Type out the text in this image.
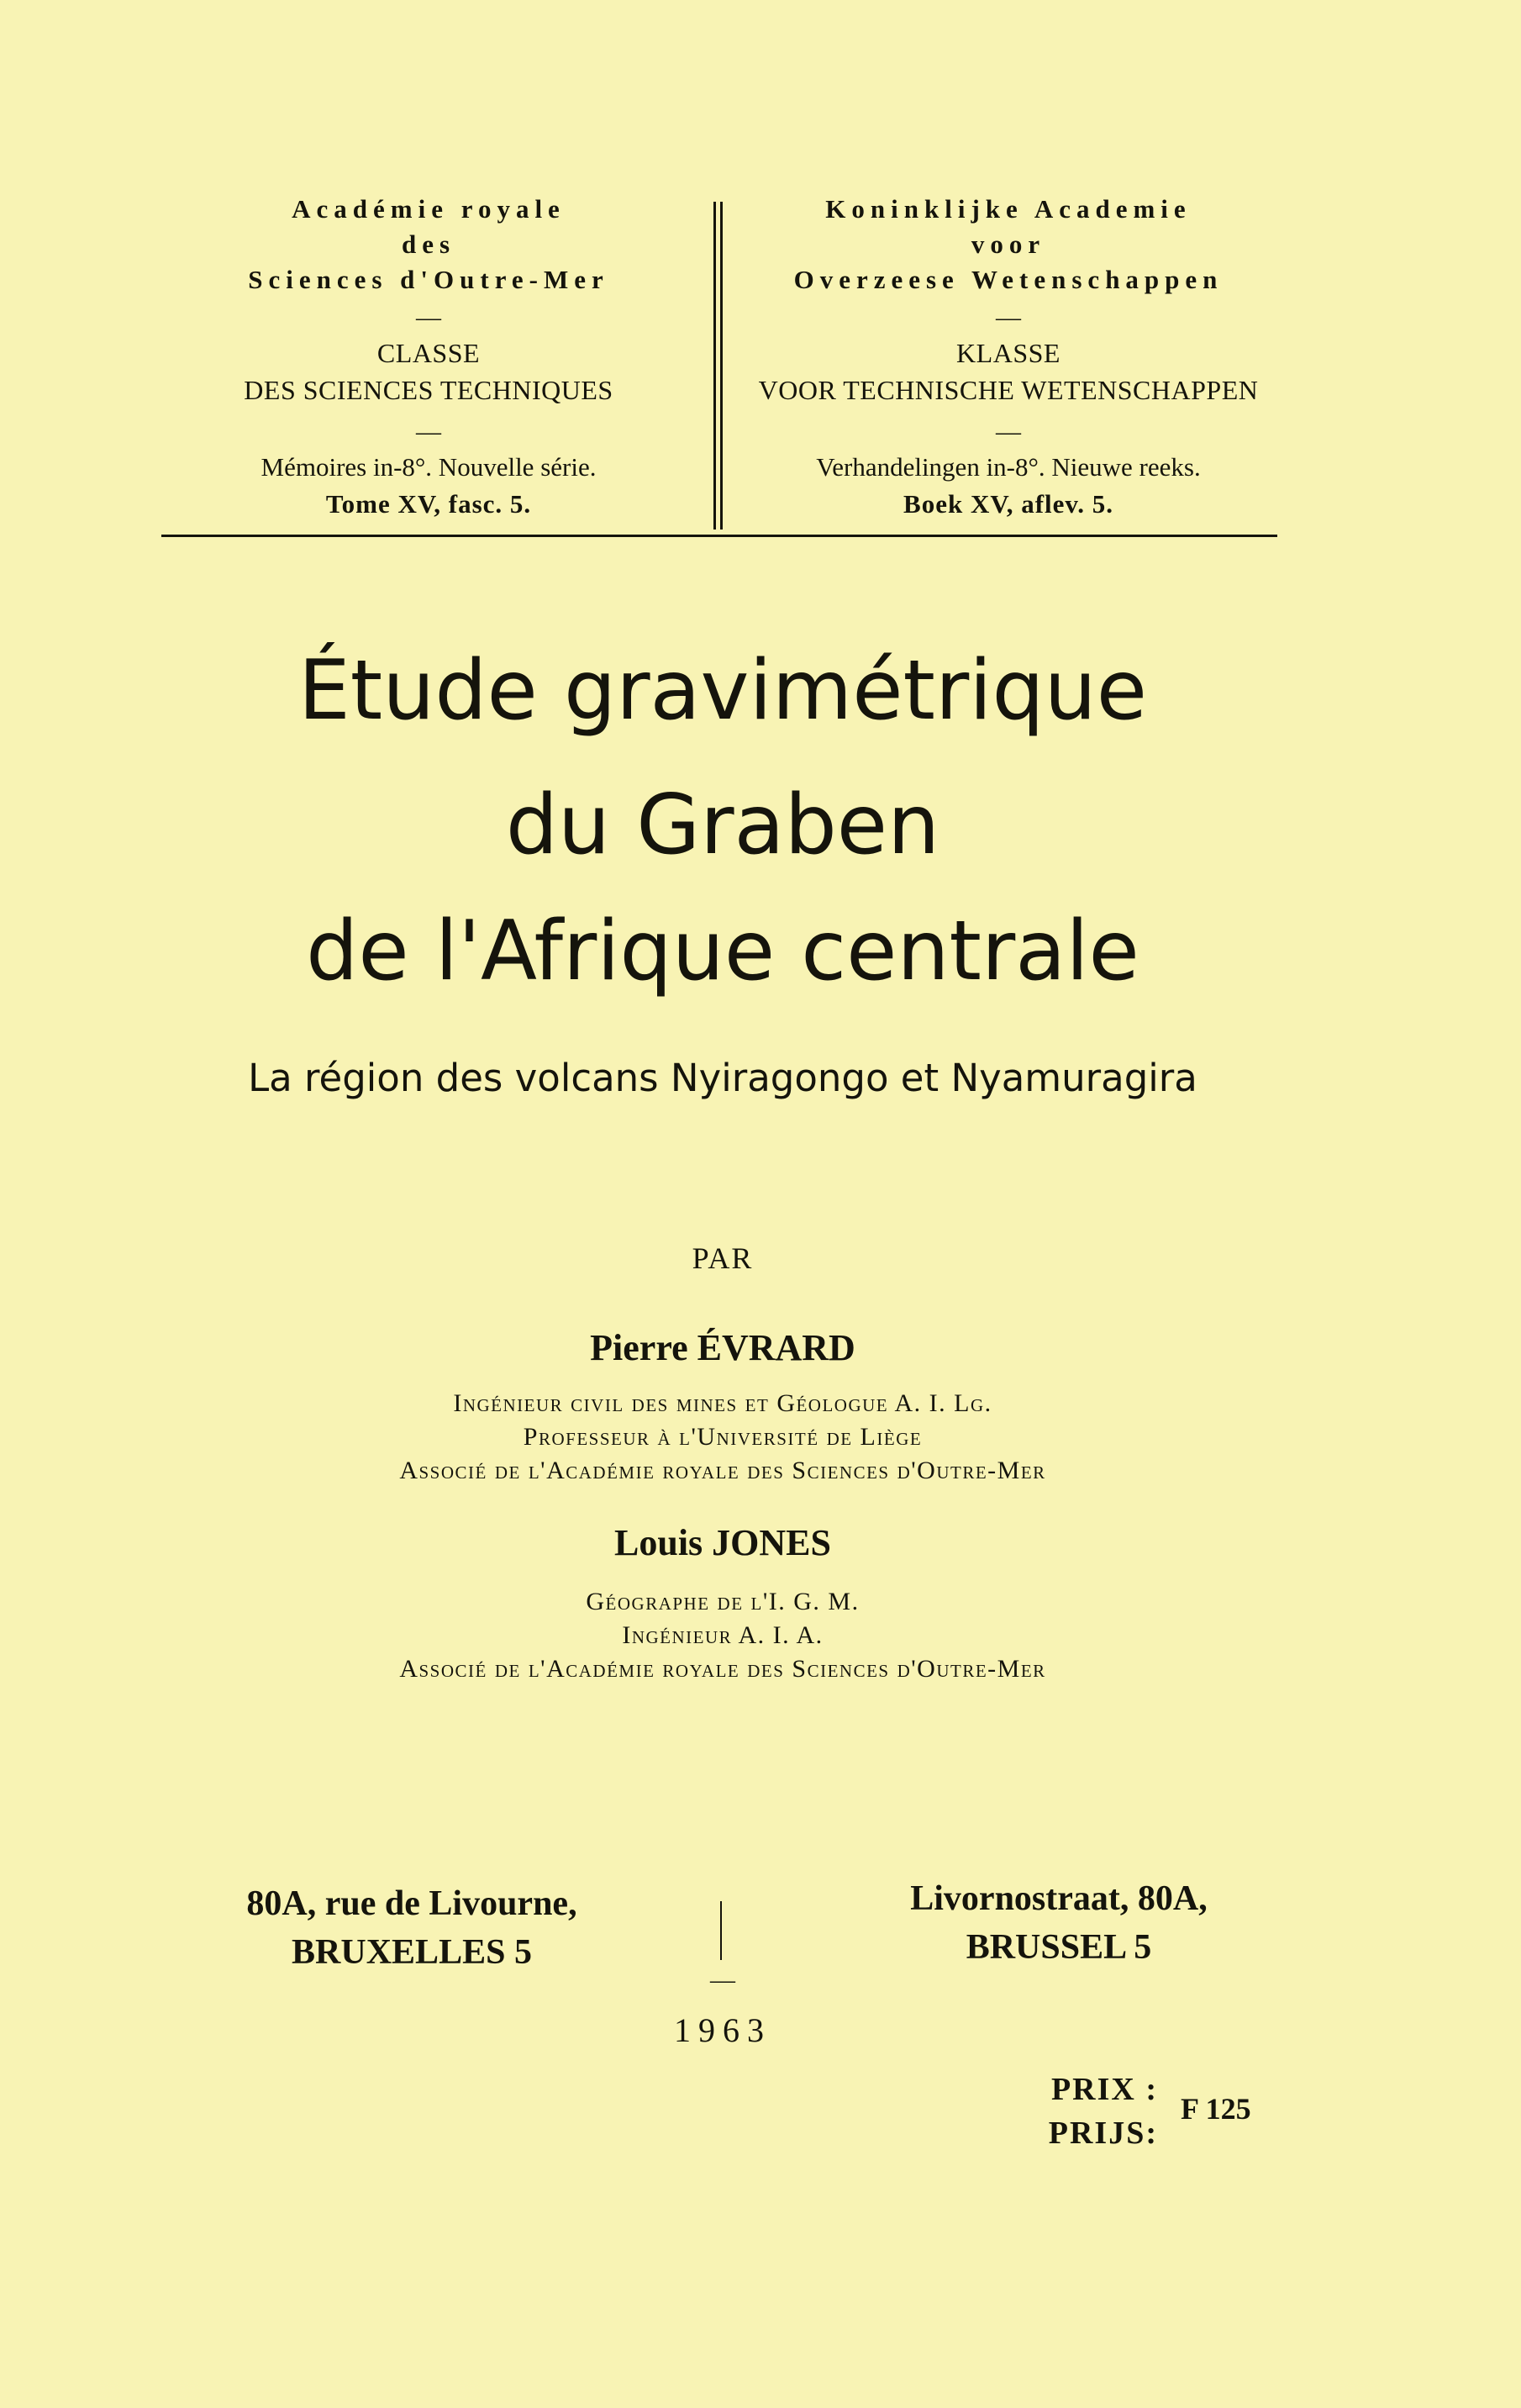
Académie royale
des
Sciences d'Outre-Mer
—
CLASSE
DES SCIENCES TECHNIQUES
—
Mémoires in-8°. Nouvelle série.
Tome XV, fasc. 5.
Koninklijke Academie
voor
Overzeese Wetenschappen
—
KLASSE
VOOR TECHNISCHE WETENSCHAPPEN
—
Verhandelingen in-8°. Nieuwe reeks.
Boek XV, aflev. 5.
Étude gravimétrique
du Graben
de l'Afrique centrale
La région des volcans Nyiragongo et Nyamuragira
PAR
Pierre ÉVRARD
Ingénieur civil des mines et Géologue A. I. Lg.
Professeur à l'Université de Liège
Associé de l'Académie royale des Sciences d'Outre-Mer
Louis JONES
Géographe de l'I. G. M.
Ingénieur A. I. A.
Associé de l'Académie royale des Sciences d'Outre-Mer
80A, rue de Livourne,
BRUXELLES 5
Livornostraat, 80A,
BRUSSEL 5
—
1963
PRIX :
PRIJS:
F 125
